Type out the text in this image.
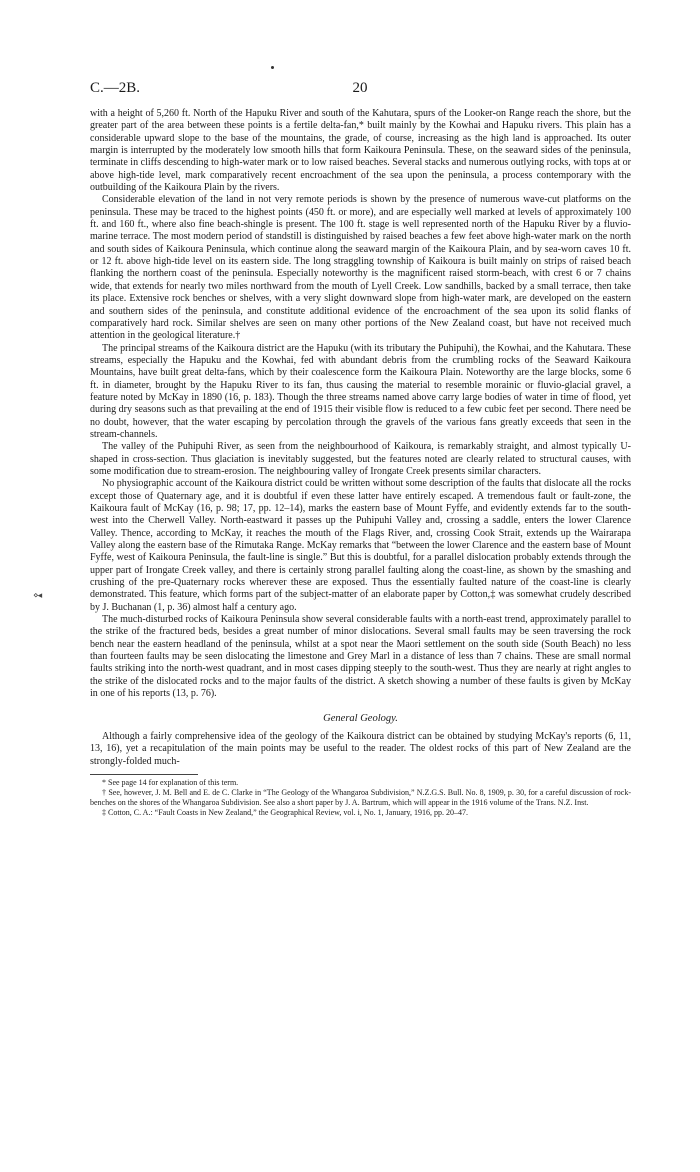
C.—2B.	20
⋄◂

with a height of 5,260 ft. North of the Hapuku River and south of the Kahutara, spurs of the Looker-on Range reach the shore, but the greater part of the area between these points is a fertile delta-fan,* built mainly by the Kowhai and Hapuku rivers. This plain has a considerable upward slope to the base of the mountains, the grade, of course, increasing as the high land is approached. Its outer margin is interrupted by the moderately low smooth hills that form Kaikoura Peninsula. These, on the seaward sides of the peninsula, terminate in cliffs descending to high-water mark or to low raised beaches. Several stacks and numerous outlying rocks, with tops at or above high-tide level, mark comparatively recent encroachment of the sea upon the peninsula, a process contemporary with the outbuilding of the Kaikoura Plain by the rivers.

Considerable elevation of the land in not very remote periods is shown by the presence of numerous wave-cut platforms on the peninsula. These may be traced to the highest points (450 ft. or more), and are especially well marked at levels of approximately 100 ft. and 160 ft., where also fine beach-shingle is present. The 100 ft. stage is well represented north of the Hapuku River by a fluvio-marine terrace. The most modern period of standstill is distinguished by raised beaches a few feet above high-water mark on the north and south sides of Kaikoura Peninsula, which continue along the seaward margin of the Kaikoura Plain, and by sea-worn caves 10 ft. or 12 ft. above high-tide level on its eastern side. The long straggling township of Kaikoura is built mainly on strips of raised beach flanking the northern coast of the peninsula. Especially noteworthy is the magnificent raised storm-beach, with crest 6 or 7 chains wide, that extends for nearly two miles northward from the mouth of Lyell Creek. Low sandhills, backed by a small terrace, then take its place. Extensive rock benches or shelves, with a very slight downward slope from high-water mark, are developed on the eastern and southern sides of the peninsula, and constitute additional evidence of the encroachment of the sea upon its solid flanks of comparatively hard rock. Similar shelves are seen on many other portions of the New Zealand coast, but have not received much attention in the geological literature.†

The principal streams of the Kaikoura district are the Hapuku (with its tributary the Puhipuhi), the Kowhai, and the Kahutara. These streams, especially the Hapuku and the Kowhai, fed with abundant debris from the crumbling rocks of the Seaward Kaikoura Mountains, have built great delta-fans, which by their coalescence form the Kaikoura Plain. Noteworthy are the large blocks, some 6 ft. in diameter, brought by the Hapuku River to its fan, thus causing the material to resemble morainic or fluvio-glacial gravel, a feature noted by McKay in 1890 (16, p. 183). Though the three streams named above carry large bodies of water in time of flood, yet during dry seasons such as that prevailing at the end of 1915 their visible flow is reduced to a few cubic feet per second. There need be no doubt, however, that the water escaping by percolation through the gravels of the various fans greatly exceeds that seen in the stream-channels.

The valley of the Puhipuhi River, as seen from the neighbourhood of Kaikoura, is remarkably straight, and almost typically U-shaped in cross-section. Thus glaciation is inevitably suggested, but the features noted are clearly related to structural causes, with some modification due to stream-erosion. The neighbouring valley of Irongate Creek presents similar characters.

No physiographic account of the Kaikoura district could be written without some description of the faults that dislocate all the rocks except those of Quaternary age, and it is doubtful if even these latter have entirely escaped. A tremendous fault or fault-zone, the Kaikoura fault of McKay (16, p. 98; 17, pp. 12–14), marks the eastern base of Mount Fyffe, and evidently extends far to the south-west into the Cherwell Valley. North-eastward it passes up the Puhipuhi Valley and, crossing a saddle, enters the lower Clarence Valley. Thence, according to McKay, it reaches the mouth of the Flags River, and, crossing Cook Strait, extends up the Wairarapa Valley along the eastern base of the Rimutaka Range. McKay remarks that “between the lower Clarence and the eastern base of Mount Fyffe, west of Kaikoura Peninsula, the fault-line is single.” But this is doubtful, for a parallel dislocation probably extends through the upper part of Irongate Creek valley, and there is certainly strong parallel faulting along the coast-line, as shown by the smashing and crushing of the pre-Quaternary rocks wherever these are exposed. Thus the essentially faulted nature of the coast-line is clearly demonstrated. This feature, which forms part of the subject-matter of an elaborate paper by Cotton,‡ was somewhat crudely described by J. Buchanan (1, p. 36) almost half a century ago.

The much-disturbed rocks of Kaikoura Peninsula show several considerable faults with a north-east trend, approximately parallel to the strike of the fractured beds, besides a great number of minor dislocations. Several small faults may be seen traversing the rock bench near the eastern headland of the peninsula, whilst at a spot near the Maori settlement on the south side (South Beach) no less than fourteen faults may be seen dislocating the limestone and Grey Marl in a distance of less than 7 chains. These are small normal faults striking into the north-west quadrant, and in most cases dipping steeply to the south-west. Thus they are nearly at right angles to the strike of the dislocated rocks and to the major faults of the district. A sketch showing a number of these faults is given by McKay in one of his reports (13, p. 76).

General Geology.

Although a fairly comprehensive idea of the geology of the Kaikoura district can be obtained by studying McKay's reports (6, 11, 13, 16), yet a recapitulation of the main points may be useful to the reader. The oldest rocks of this part of New Zealand are the strongly-folded much-

* See page 14 for explanation of this term.

† See, however, J. M. Bell and E. de C. Clarke in “The Geology of the Whangaroa Subdivision,” N.Z.G.S. Bull. No. 8, 1909, p. 30, for a careful discussion of rock-benches on the shores of the Whangaroa Subdivision. See also a short paper by J. A. Bartrum, which will appear in the 1916 volume of the Trans. N.Z. Inst.

‡ Cotton, C. A.: “Fault Coasts in New Zealand,” the Geographical Review, vol. i, No. 1, January, 1916, pp. 20–47.
